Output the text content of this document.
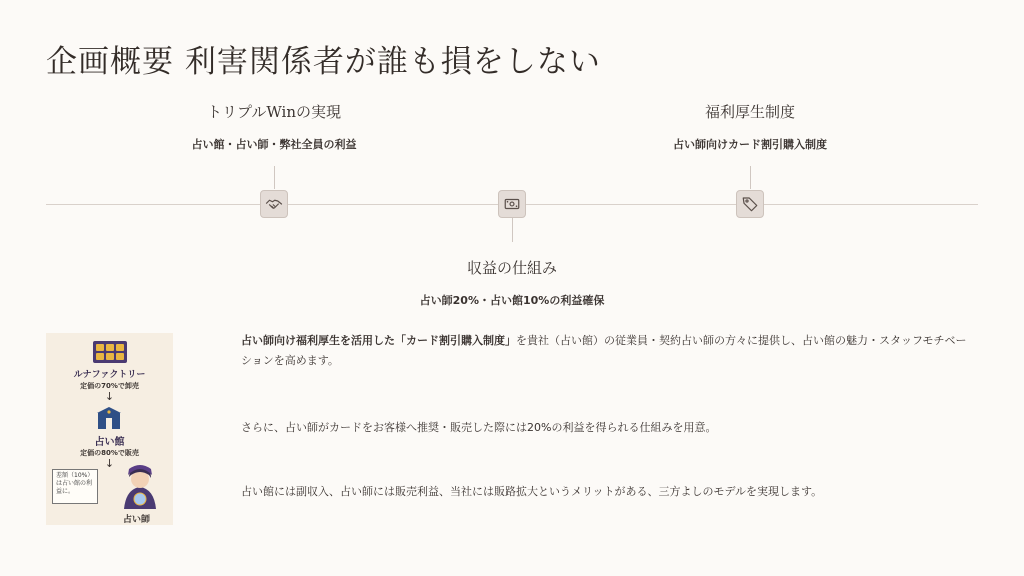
企画概要 利害関係者が誰も損をしない
トリプルWinの実現
占い館・占い師・弊社全員の利益
収益の仕組み
占い師20%・占い館10%の利益確保
福利厚生制度
占い師向けカード割引購入制度
ルナファクトリー
定価の70%で卸売
↓
占い館
定価の80%で販売
↓
差額（10%）は占い館の利益に。
占い師
占い師向け福利厚生を活用した「カード割引購入制度」を貴社（占い館）の従業員・契約占い師の方々に提供し、占い館の魅力・スタッフモチベーションを高めます。
さらに、占い師がカードをお客様へ推奨・販売した際には20%の利益を得られる仕組みを用意。
占い館には副収入、占い師には販売利益、当社には販路拡大というメリットがある、三方よしのモデルを実現します。
